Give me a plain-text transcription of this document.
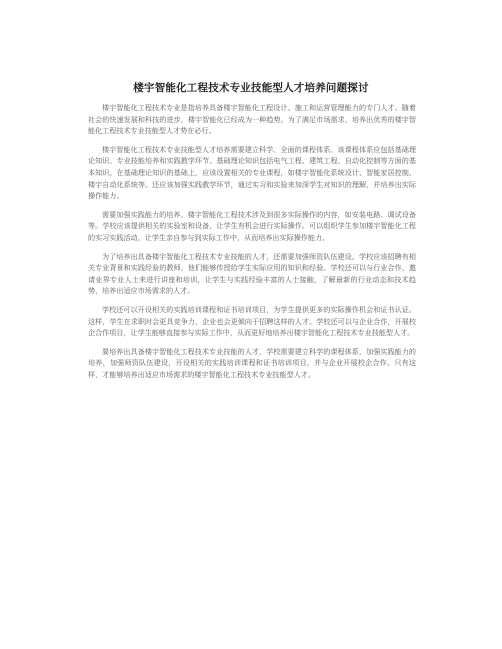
楼宇智能化工程技术专业技能型人才培养问题探讨

楼宇智能化工程技术专业是指培养具备楼宇智能化工程设计、施工和运营管理能力的专门人才。随着社会的快速发展和科技的进步，楼宇智能化已经成为一种趋势。为了满足市场需求，培养出优秀的楼宇智能化工程技术专业技能型人才势在必行。

楼宇智能化工程技术专业技能型人才培养需要建立科学、全面的课程体系。该课程体系应包括基础理论知识、专业技能培养和实践教学环节。基础理论知识包括电气工程、建筑工程、自动化控制等方面的基本知识。在基础理论知识的基础上，应该设置相关的专业课程，如楼宇智能化系统设计、智能家居控制、楼宇自动化系统等。还应该加强实践教学环节，通过实习和实验来加深学生对知识的理解，并培养出实际操作能力。

需要加强实践能力的培养。楼宇智能化工程技术涉及到很多实际操作的内容，如安装电路、调试设备等。学校应该提供相关的实验室和设备，让学生有机会进行实际操作。可以组织学生参加楼宇智能化工程的实习实践活动，让学生亲自参与到实际工作中，从而培养出实际操作能力。

为了培养出具备楼宇智能化工程技术专业技能的人才，还需要加强师资队伍建设。学校应该招聘有相关专业背景和实践经验的教师，他们能够传授给学生实际应用的知识和经验。学校还可以与行业合作，邀请业界专业人士来进行讲座和培训，让学生与实践经验丰富的人士接触，了解最新的行业动态和技术趋势，培养出适应市场需求的人才。

学校还可以开设相关的实践培训课程和证书培训项目，为学生提供更多的实际操作机会和证书认证。这样，学生在求职时会更具竞争力，企业也会更倾向于招聘这样的人才。学校还可以与企业合作，开展校企合作项目，让学生能够直接参与实际工作中，从而更好地培养出楼宇智能化工程技术专业技能型人才。

要培养出具备楼宇智能化工程技术专业技能的人才，学校需要建立科学的课程体系，加强实践能力的培养，加强师资队伍建设，开设相关的实践培训课程和证书培训项目，并与企业开展校企合作。只有这样，才能够培养出适应市场需求的楼宇智能化工程技术专业技能型人才。
